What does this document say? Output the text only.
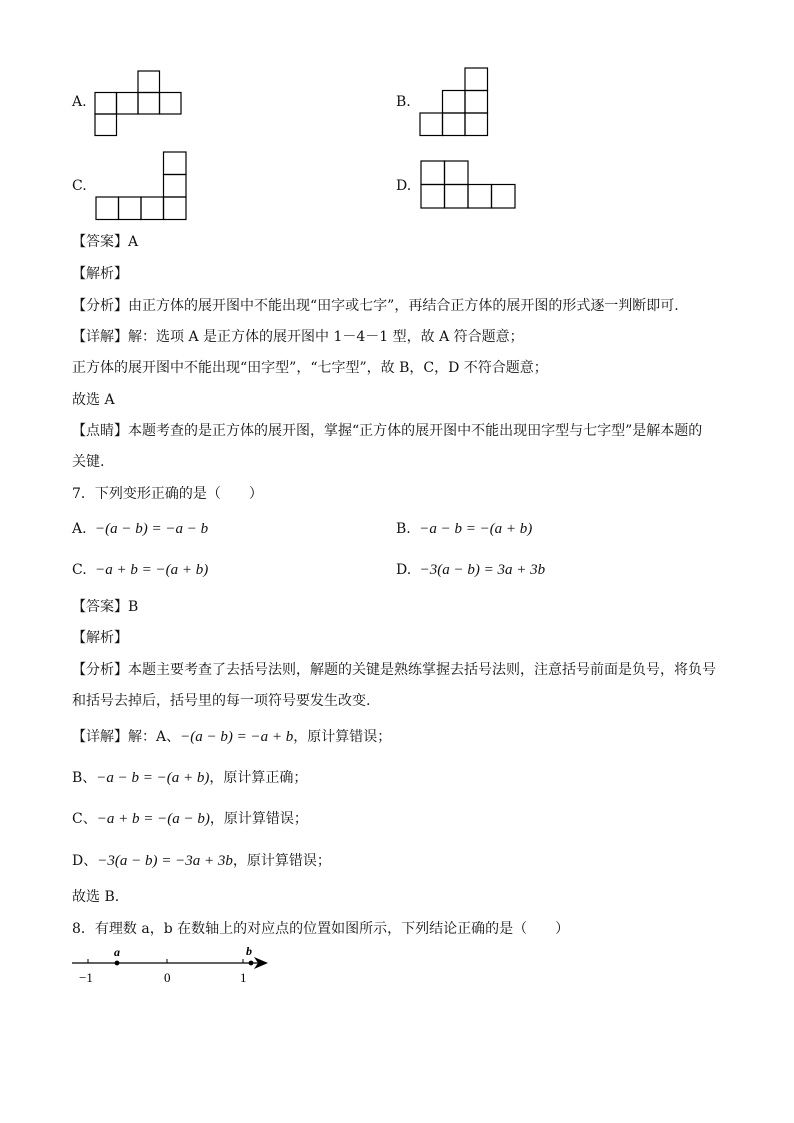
A.	B.
C.	D.
【答案】A
【解析】
【分析】由正方体的展开图中不能出现“田字或七字”，再结合正方体的展开图的形式逐一判断即可.
【详解】解：选项 A 是正方体的展开图中 1－4－1 型，故 A 符合题意；
正方体的展开图中不能出现“田字型”，“七字型”，故 B，C，D 不符合题意；
故选 A
【点睛】本题考查的是正方体的展开图，掌握“正方体的展开图中不能出现田字型与七字型”是解本题的
关键.
7．下列变形正确的是（　　）
A. −(a − b) = −a − b	B. −a − b = −(a + b)
C. −a + b = −(a + b)	D. −3(a − b) = 3a + 3b
【答案】B
【解析】
【分析】本题主要考查了去括号法则，解题的关键是熟练掌握去括号法则，注意括号前面是负号，将负号
和括号去掉后，括号里的每一项符号要发生改变.
【详解】解：A、−(a − b) = −a + b，原计算错误；
B、−a − b = −(a + b)，原计算正确；
C、−a + b = −(a − b)，原计算错误；
D、−3(a − b) = −3a + 3b，原计算错误；
故选 B.
8．有理数 a，b 在数轴上的对应点的位置如图所示，下列结论正确的是（　　）
a	b
−1	0	1
